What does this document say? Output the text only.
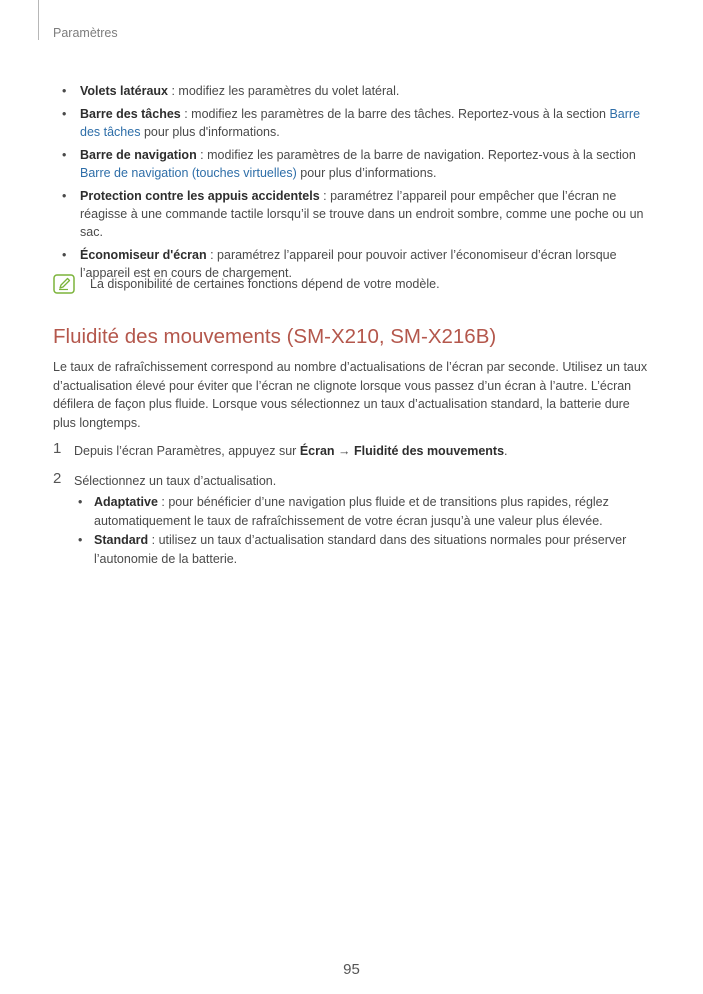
Paramètres
• Volets latéraux : modifiez les paramètres du volet latéral.
• Barre des tâches : modifiez les paramètres de la barre des tâches. Reportez-vous à la section Barre des tâches pour plus d'informations.
• Barre de navigation : modifiez les paramètres de la barre de navigation. Reportez-vous à la section Barre de navigation (touches virtuelles) pour plus d’informations.
• Protection contre les appuis accidentels : paramétrez l’appareil pour empêcher que l’écran ne réagisse à une commande tactile lorsqu’il se trouve dans un endroit sombre, comme une poche ou un sac.
• Économiseur d'écran : paramétrez l’appareil pour pouvoir activer l’économiseur d’écran lorsque l’appareil est en cours de chargement.
La disponibilité de certaines fonctions dépend de votre modèle.
Fluidité des mouvements (SM-X210, SM-X216B)

Le taux de rafraîchissement correspond au nombre d’actualisations de l’écran par seconde. Utilisez un taux d’actualisation élevé pour éviter que l’écran ne clignote lorsque vous passez d’un écran à l’autre. L’écran défilera de façon plus fluide. Lorsque vous sélectionnez un taux d’actualisation standard, la batterie dure plus longtemps.

1 Depuis l’écran Paramètres, appuyez sur Écran → Fluidité des mouvements.
2 Sélectionnez un taux d’actualisation.
• Adaptative : pour bénéficier d’une navigation plus fluide et de transitions plus rapides, réglez automatiquement le taux de rafraîchissement de votre écran jusqu’à une valeur plus élevée.
• Standard : utilisez un taux d’actualisation standard dans des situations normales pour préserver l’autonomie de la batterie.
95
